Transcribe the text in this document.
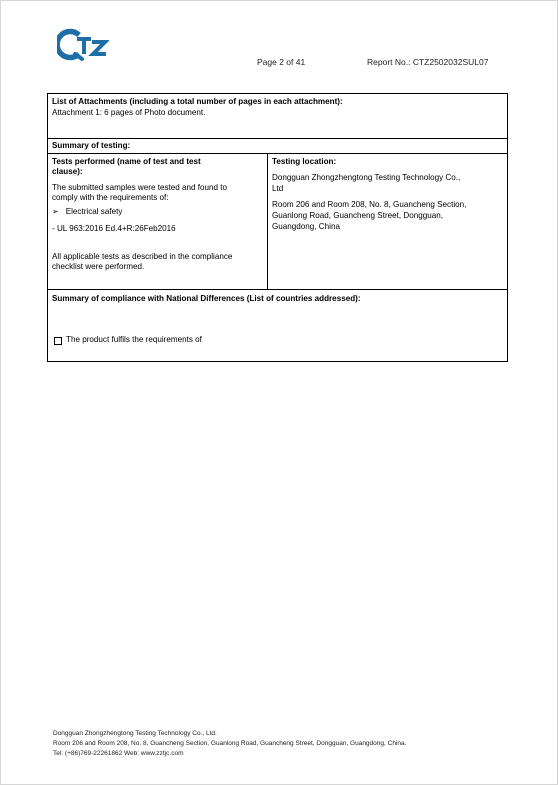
Page 2 of 41	Report No.: CTZ2502032SUL07
List of Attachments (including a total number of pages in each attachment):
Attachment 1: 6 pages of Photo document.
Summary of testing:
Tests performed (name of test and test
clause):
The submitted samples were tested and found to
comply with the requirements of:
➢ Electrical safety
- UL 963:2016 Ed.4+R:26Feb2016
All applicable tests as described in the compliance
checklist were performed.
Testing location:
Dongguan Zhongzhengtong Testing Technology Co.,
Ltd
Room 206 and Room 208, No. 8, Guancheng Section,
Guanlong Road, Guancheng Street, Dongguan,
Guangdong, China
Summary of compliance with National Differences (List of countries addressed):
The product fulfils the requirements of
Dongguan Zhongzhengtong Testing Technology Co., Ltd.
Room 206 and Room 208, No. 8, Guancheng Section, Guanlong Road, Guancheng Street, Dongguan, Guangdong, China.
Tel: (+86)769-22261862 Web: www.zztjc.com
